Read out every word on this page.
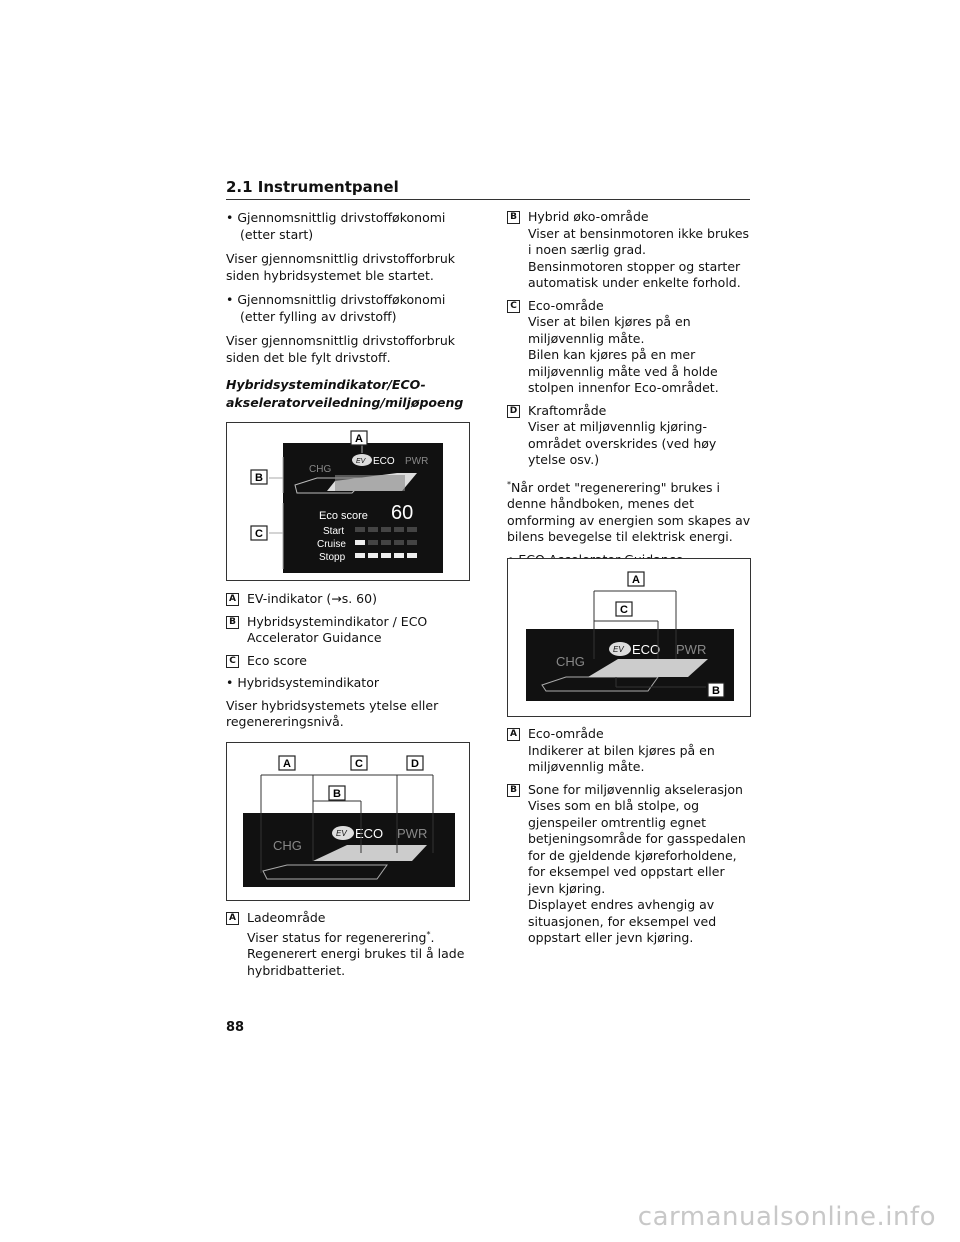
2.1 Instrumentpanel
• Gjennomsnittlig drivstofføkonomi (etter start)
Viser gjennomsnittlig drivstofforbruk siden hybridsystemet ble startet.
• Gjennomsnittlig drivstofføkonomi (etter fylling av drivstoff)
Viser gjennomsnittlig drivstofforbruk siden det ble fylt drivstoff.
Hybridsystemindikator/ECO-akseleratorveiledning/miljøpoeng
CHG
EV ECO PWR
Eco score 60
Start
Cruise
Stopp
A
B
C
A EV-indikator (→s. 60)
B Hybridsystemindikator / ECO Accelerator Guidance
C Eco score
• Hybridsystemindikator
Viser hybridsystemets ytelse eller regenereringsnivå.
CHG
EV ECO PWR
A	C	D
B
A Ladeområde
Viser status for regenerering*.
Regenerert energi brukes til å lade hybridbatteriet.
B Hybrid øko-område
Viser at bensinmotoren ikke brukes i noen særlig grad.
Bensinmotoren stopper og starter automatisk under enkelte forhold.
C Eco-område
Viser at bilen kjøres på en miljøvennlig måte.
Bilen kan kjøres på en mer miljøvennlig måte ved å holde stolpen innenfor Eco-området.
D Kraftområde
Viser at miljøvennlig kjøring-området overskrides (ved høy ytelse osv.)
*Når ordet "regenerering" brukes i denne håndboken, menes det omforming av energien som skapes av bilens bevegelse til elektrisk energi.
CHG
EV ECO PWR
A
C
B
A Eco-område
Indikerer at bilen kjøres på en miljøvennlig måte.
B Sone for miljøvennlig akselerasjon
Vises som en blå stolpe, og gjenspeiler omtrentlig egnet betjeningsområde for gasspedalen for de gjeldende kjøreforholdene, for eksempel ved oppstart eller jevn kjøring.
Displayet endres avhengig av situasjonen, for eksempel ved oppstart eller jevn kjøring.
88
carmanualsonline.info
